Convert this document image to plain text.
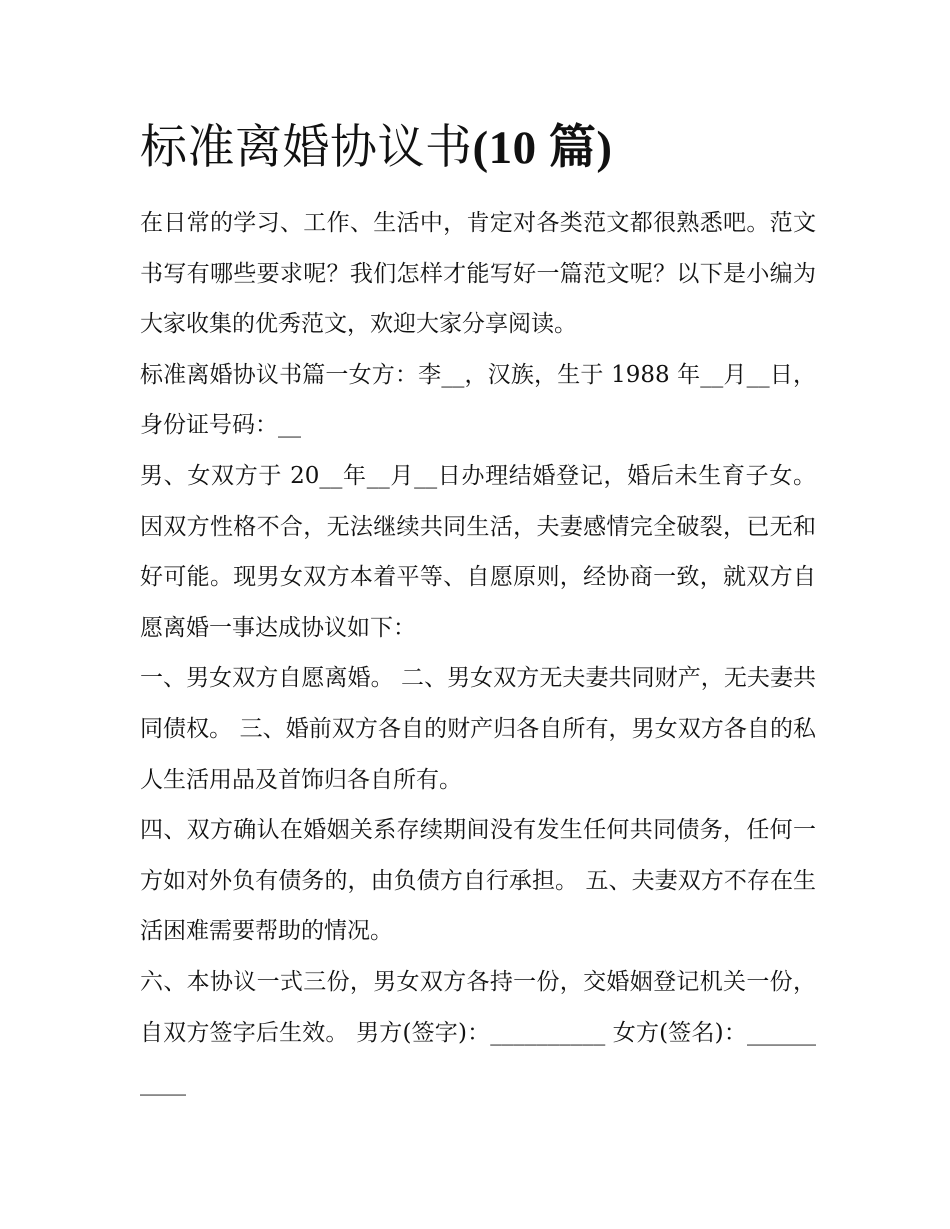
标准离婚协议书(10 篇)

在日常的学习、工作、生活中，肯定对各类范文都很熟悉吧。范文书写有哪些要求呢？我们怎样才能写好一篇范文呢？以下是小编为大家收集的优秀范文，欢迎大家分享阅读。

标准离婚协议书篇一女方：李__，汉族，生于 1988 年__月__日，身份证号码：__

男、女双方于 20__年__月__日办理结婚登记，婚后未生育子女。因双方性格不合，无法继续共同生活，夫妻感情完全破裂，已无和好可能。现男女双方本着平等、自愿原则，经协商一致，就双方自愿离婚一事达成协议如下：

一、男女双方自愿离婚。 二、男女双方无夫妻共同财产，无夫妻共同债权。 三、婚前双方各自的财产归各自所有，男女双方各自的私人生活用品及首饰归各自所有。

四、双方确认在婚姻关系存续期间没有发生任何共同债务，任何一方如对外负有债务的，由负债方自行承担。 五、夫妻双方不存在生活困难需要帮助的情况。

六、本协议一式三份，男女双方各持一份，交婚姻登记机关一份，自双方签字后生效。 男方(签字)：__________ 女方(签名)：__________
